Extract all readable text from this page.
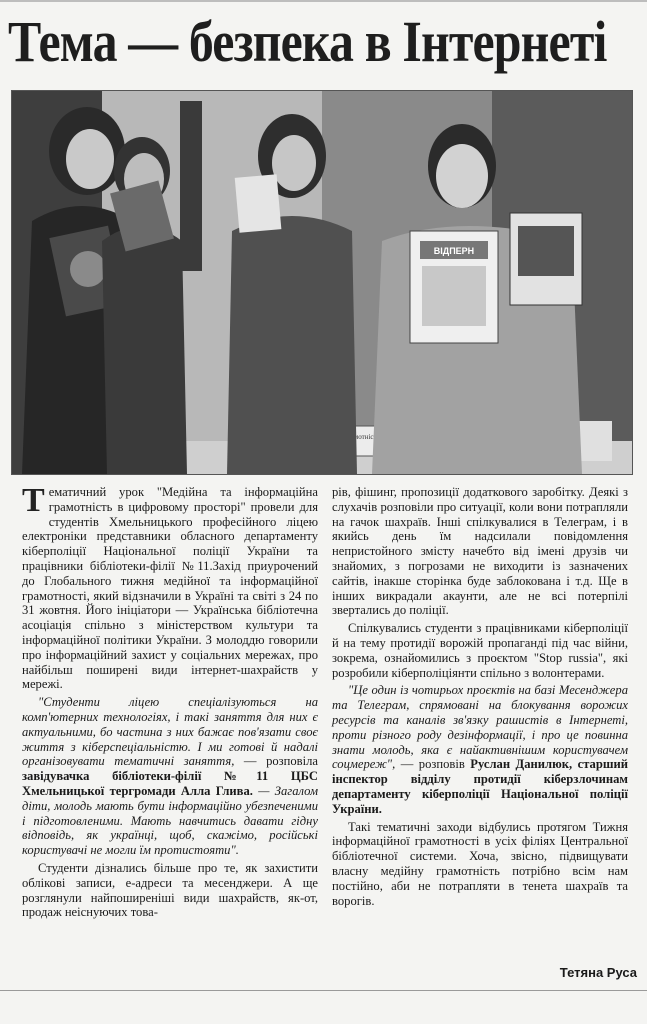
Тема — безпека в Інтернеті
ВІДПЕРН

Тематичний урок "Медійна та інформаційна грамотність в цифровому просторі" провели для студентів Хмельницького професійного ліцею електроніки представники обласного департаменту кіберполіції Національної поліції України та працівники бібліотеки-філії №11.Захід приурочений до Глобального тижня медійної та інформаційної грамотності, який відзначили в Україні та світі з 24 по 31 жовтня. Його ініціатори — Українська бібліотечна асоціація спільно з міністерством культури та інформаційної політики України. З молоддю говорили про інформаційний захист у соціальних мережах, про найбільш поширені види інтернет-шахрайств у мережі.

"Студенти ліцею спеціалізуються на комп'ютерних технологіях, і такі заняття для них є актуальними, бо частина з них бажає пов'язати своє життя з кіберспеціальністю. І ми готові й надалі організовувати тематичні заняття, — розповіла завідувачка бібліотеки-філії №11 ЦБС Хмельницької тергромади Алла Глива. — Загалом діти, молодь мають бути інформаційно убезпеченими і підготовленими. Мають навчитись давати гідну відповідь, як українці, щоб, скажімо, російські користувачі не могли їм протистояти".

Студенти дізнались більше про те, як захистити облікові записи, е-адреси та месенджери. А ще розглянули найпоширеніші види шахрайств, як-от, продаж неіснуючих това-

рів, фішинг, пропозиції додаткового заробітку. Деякі з слухачів розповіли про ситуації, коли вони потрапляли на гачок шахраїв. Інші спілкувалися в Телеграм, і в якийсь день їм надсилали повідомлення непристойного змісту начебто від імені друзів чи знайомих, з погрозами не виходити із зазначених сайтів, інакше сторінка буде заблокована і т.д. Ще в інших викрадали акаунти, але не всі потерпілі звертались до поліції.

Спілкувались студенти з працівниками кіберполіції й на тему протидії ворожій пропаганді під час війни, зокрема, ознайомились з проєктом "Stop russia", які розробили кіберполіціянти спільно з волонтерами.

"Це один із чотирьох проєктів на базі Месенджера та Телеграм, спрямовані на блокування ворожих ресурсів та каналів зв'язку рашистів в Інтернеті, проти різного роду дезінформації, і про це повинна знати молодь, яка є найактивнішим користувачем соцмереж", — розповів Руслан Данилюк, старший інспектор відділу протидії кіберзлочинам департаменту кіберполіції Національної поліції України.

Такі тематичні заходи відбулись протягом Тижня інформаційної грамотності в усіх філіях Центральної бібліотечної системи. Хоча, звісно, підвищувати власну медійну грамотність потрібно всім нам постійно, аби не потрапляти в тенета шахраїв та ворогів.

Тетяна Руса
